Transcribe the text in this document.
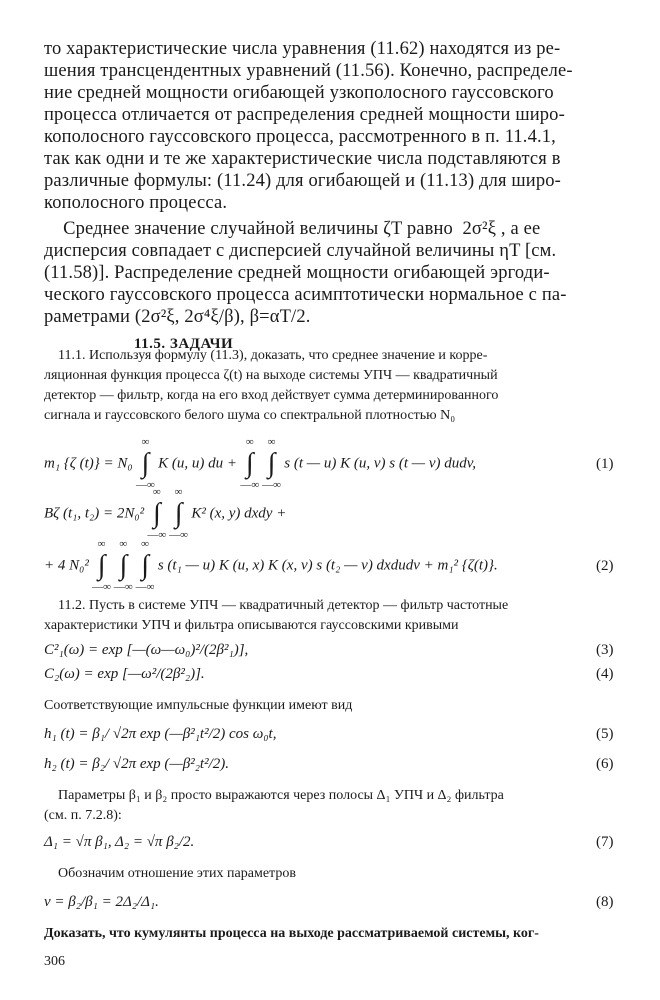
то характеристические числа уравнения (11.62) находятся из ре-

шения трансцендентных уравнений (11.56). Конечно, распределе-

ние средней мощности огибающей узкополосного гауссовского

процесса отличается от распределения средней мощности широ-

кополосного гауссовского процесса, рассмотренного в п. 11.4.1,

так как одни и те же характеристические числа подставляются в

различные формулы: (11.24) для огибающей и (11.13) для широ-

кополосного процесса.

Среднее значение случайной величины ζT равно  2σ²ξ , а ее

дисперсия совпадает с дисперсией случайной величины ηT [см.

(11.58)]. Распределение средней мощности огибающей эргоди-

ческого гауссовского процесса асимптотически нормальное с па-

раметрами (2σ²ξ, 2σ⁴ξ/β), β=αT/2.

11.5. ЗАДАЧИ

11.1. Используя формулу (11.3), доказать, что среднее значение и корре-

ляционная функция процесса ζ(t) на выходе системы УПЧ — квадратичный

детектор — фильтр, когда на его вход действует сумма детерминированного

сигнала и гауссовского белого шума со спектральной плотностью N₀

m₁ {ζ (t)} = N₀
∞
∫
—∞
K (u, u) du +
∞
∫
—∞

∞
∫
—∞
s (t — u) K (u, v) s (t — v) dudv,	(1)
Bζ (t₁, t₂) = 2N₀²
∞
∫
—∞

∞
∫
—∞
K² (x, y) dxdy +
+ 4 N₀²
∞
∫
—∞

∞
∫
—∞

∞
∫
—∞
s (t₁ — u) K (u, x) K (x, v) s (t₂ — v) dxdudv + m₁² {ζ(t)}.	(2)

11.2. Пусть в системе УПЧ — квадратичный детектор — фильтр частотные

характеристики УПЧ и фильтра описываются гауссовскими кривыми

C²₁(ω) = exp [—(ω—ω₀)²/(2β²₁)],	(3)
C₂(ω) = exp [—ω²/(2β²₂)].	(4)

Соответствующие импульсные функции имеют вид

h₁ (t) = β₁/ √2π exp (—β²₁t²/2) cos ω₀t,	(5)
h₂ (t) = β₂/ √2π exp (—β²₂t²/2).	(6)

Параметры β₁ и β₂ просто выражаются через полосы Δ₁ УПЧ и Δ₂ фильтра

(см. п. 7.2.8):

Δ₁ = √π β₁, Δ₂ = √π β₂/2.	(7)

Обозначим отношение этих параметров

ν = β₂/β₁ = 2Δ₂/Δ₁.	(8)

Доказать, что кумулянты процесса на выходе рассматриваемой системы, ког-

306
